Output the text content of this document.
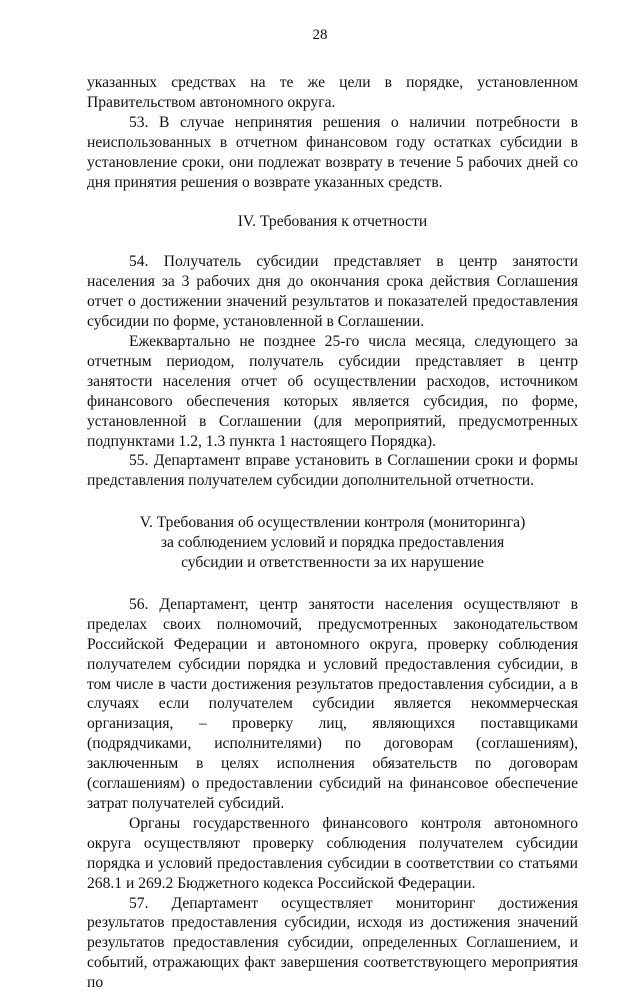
28

указанных средствах на те же цели в порядке, установленном Правительством автономного округа.

53. В случае непринятия решения о наличии потребности в неиспользованных в отчетном финансовом году остатках субсидии в установление сроки, они подлежат возврату в течение 5 рабочих дней со дня принятия решения о возврате указанных средств.

IV. Требования к отчетности

54. Получатель субсидии представляет в центр занятости населения за 3 рабочих дня до окончания срока действия Соглашения отчет о достижении значений результатов и показателей предоставления субсидии по форме, установленной в Соглашении.

Ежеквартально не позднее 25-го числа месяца, следующего за отчетным периодом, получатель субсидии представляет в центр занятости населения отчет об осуществлении расходов, источником финансового обеспечения которых является субсидия, по форме, установленной в Соглашении (для мероприятий, предусмотренных подпунктами 1.2, 1.3 пункта 1 настоящего Порядка).

55. Департамент вправе установить в Соглашении сроки и формы представления получателем субсидии дополнительной отчетности.

V. Требования об осуществлении контроля (мониторинга)
за соблюдением условий и порядка предоставления
субсидии и ответственности за их нарушение

56. Департамент, центр занятости населения осуществляют в пределах своих полномочий, предусмотренных законодательством Российской Федерации и автономного округа, проверку соблюдения получателем субсидии порядка и условий предоставления субсидии, в том числе в части достижения результатов предоставления субсидии, а в случаях если получателем субсидии является некоммерческая организация, – проверку лиц, являющихся поставщиками (подрядчиками, исполнителями) по договорам (соглашениям), заключенным в целях исполнения обязательств по договорам (соглашениям) о предоставлении субсидий на финансовое обеспечение затрат получателей субсидий.

Органы государственного финансового контроля автономного округа осуществляют проверку соблюдения получателем субсидии порядка и условий предоставления субсидии в соответствии со статьями 268.1 и 269.2 Бюджетного кодекса Российской Федерации.

57. Департамент осуществляет мониторинг достижения результатов предоставления субсидии, исходя из достижения значений результатов предоставления субсидии, определенных Соглашением, и событий, отражающих факт завершения соответствующего мероприятия по
